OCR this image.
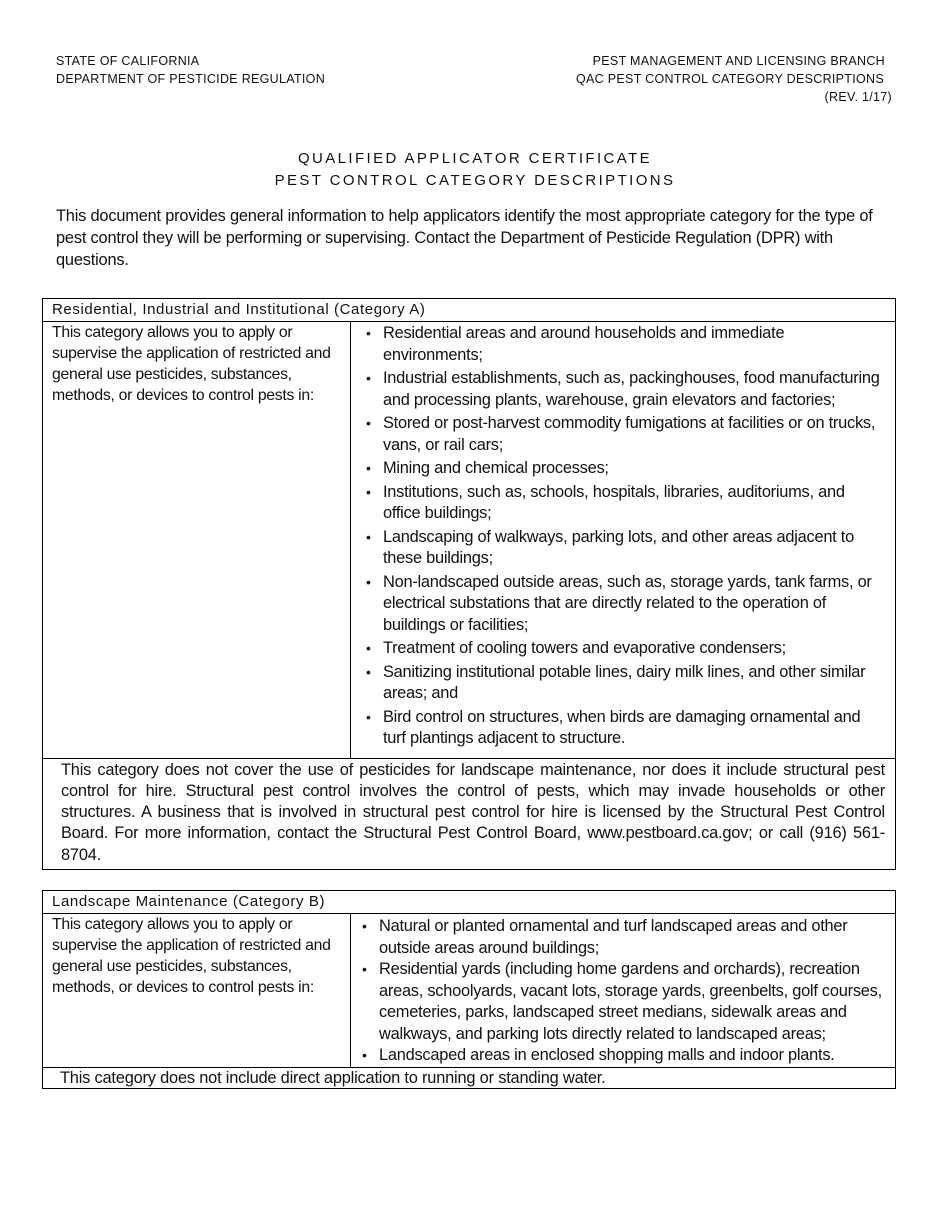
STATE OF CALIFORNIA
DEPARTMENT OF PESTICIDE REGULATION
PEST MANAGEMENT AND LICENSING BRANCH
QAC PEST CONTROL CATEGORY DESCRIPTIONS
(REV. 1/17)
QUALIFIED APPLICATOR CERTIFICATE
PEST CONTROL CATEGORY DESCRIPTIONS
This document provides general information to help applicators identify the most appropriate category for the type of pest control they will be performing or supervising. Contact the Department of Pesticide Regulation (DPR) with questions.
Residential, Industrial and Institutional (Category A)
This category allows you to apply or supervise the application of restricted and general use pesticides, substances, methods, or devices to control pests in:
• Residential areas and around households and immediate environments;
• Industrial establishments, such as, packinghouses, food manufacturing and processing plants, warehouse, grain elevators and factories;
• Stored or post-harvest commodity fumigations at facilities or on trucks, vans, or rail cars;
• Mining and chemical processes;
• Institutions, such as, schools, hospitals, libraries, auditoriums, and office buildings;
• Landscaping of walkways, parking lots, and other areas adjacent to these buildings;
• Non-landscaped outside areas, such as, storage yards, tank farms, or electrical substations that are directly related to the operation of buildings or facilities;
• Treatment of cooling towers and evaporative condensers;
• Sanitizing institutional potable lines, dairy milk lines, and other similar areas; and
• Bird control on structures, when birds are damaging ornamental and turf plantings adjacent to structure.
This category does not cover the use of pesticides for landscape maintenance, nor does it include structural pest control for hire. Structural pest control involves the control of pests, which may invade households or other structures. A business that is involved in structural pest control for hire is licensed by the Structural Pest Control Board. For more information, contact the Structural Pest Control Board, www.pestboard.ca.gov; or call (916) 561-8704.
Landscape Maintenance (Category B)
This category allows you to apply or supervise the application of restricted and general use pesticides, substances, methods, or devices to control pests in:
• Natural or planted ornamental and turf landscaped areas and other outside areas around buildings;
• Residential yards (including home gardens and orchards), recreation areas, schoolyards, vacant lots, storage yards, greenbelts, golf courses, cemeteries, parks, landscaped street medians, sidewalk areas and walkways, and parking lots directly related to landscaped areas;
• Landscaped areas in enclosed shopping malls and indoor plants.
This category does not include direct application to running or standing water.
